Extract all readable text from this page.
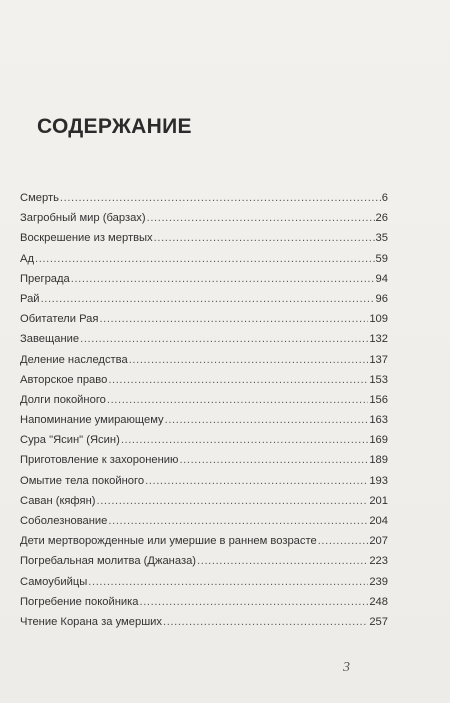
СОДЕРЖАНИЕ
Смерть .....	6
Загробный мир (барзах) .....	26
Воскрешение из мертвых .....	35
Ад .....	59
Преграда .....	94
Рай .....	96
Обитатели Рая .....	109
Завещание .....	132
Деление наследства .....	137
Авторское право .....	153
Долги покойного .....	156
Напоминание умирающему .....	163
Сура "Ясин" (Ясин) .....	169
Приготовление к захоронению .....	189
Омытие тела покойного .....	193
Саван (кяфян) .....	201
Соболезнование .....	204
Дети мертворожденные или умершие в раннем возрасте .....	207
Погребальная молитва (Джаназа) .....	223
Самоубийцы .....	239
Погребение покойника .....	248
Чтение Корана за умерших .....	257
3
